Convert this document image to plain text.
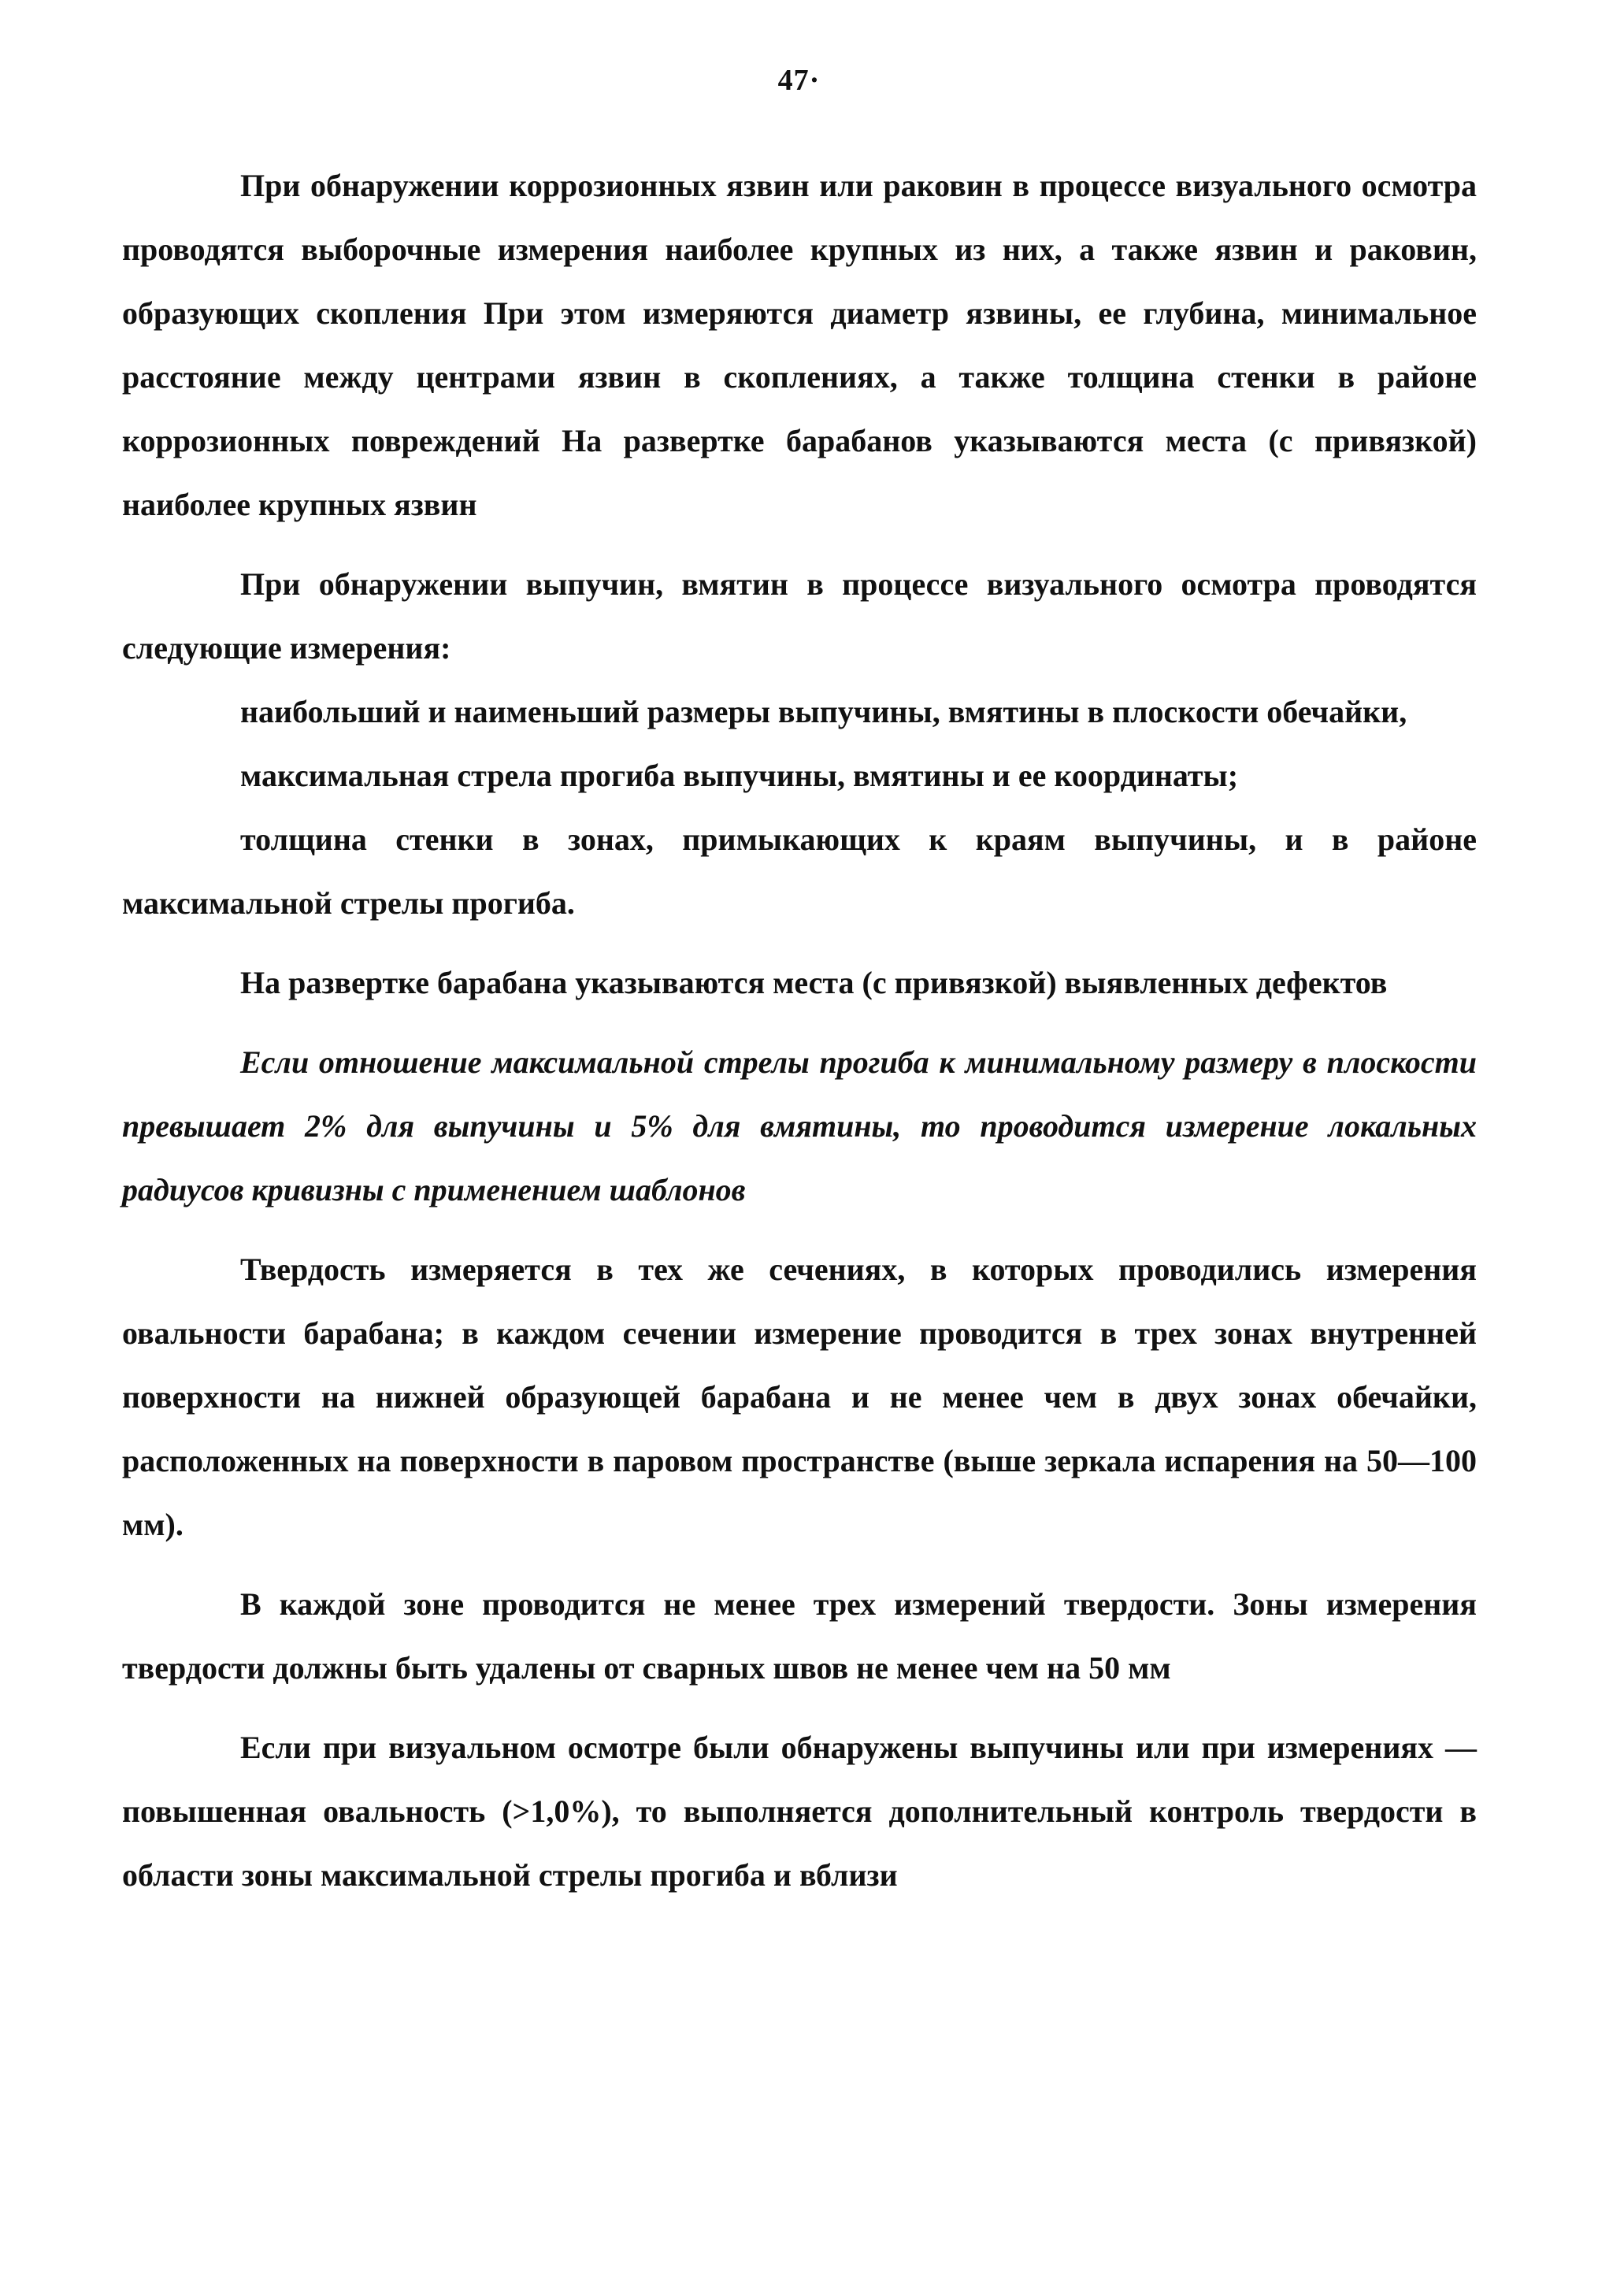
47·

При обнаружении коррозионных язвин или раковин в процессе визуального осмотра проводятся выборочные измерения наиболее крупных из них, а также язвин и раковин, образующих скопления При этом измеряются диаметр язвины, ее глубина, минимальное расстояние между центрами язвин в скоплениях, а также толщина стенки в районе коррозионных повреждений На развертке барабанов указываются места (с привязкой) наиболее крупных язвин

При обнаружении выпучин, вмятин в процессе визуального осмотра проводятся следующие измерения:

наибольший и наименьший размеры выпучины, вмятины в плоскости обечайки,

максимальная стрела прогиба выпучины, вмятины и ее координаты;

толщина стенки в зонах, примыкающих к краям выпучины, и в районе максимальной стрелы прогиба.

На развертке барабана указываются места (с привязкой) выявленных дефектов

Если отношение максимальной стрелы прогиба к минимальному размеру в плоскости превышает 2% для выпучины и 5% для вмятины, то проводится измерение локальных радиусов кривизны с применением шаблонов

Твердость измеряется в тех же сечениях, в которых проводились измерения овальности барабана; в каждом сечении измерение проводится в трех зонах внутренней поверхности на нижней образующей барабана и не менее чем в двух зонах обечайки, расположенных на поверхности в паровом пространстве (выше зеркала испарения на 50—100 мм).

В каждой зоне проводится не менее трех измерений твердости. Зоны измерения твердости должны быть удалены от сварных швов не менее чем на 50 мм

Если при визуальном осмотре были обнаружены выпучины или при измерениях — повышенная овальность (>1,0%), то выполняется дополнительный контроль твердости в области зоны максимальной стрелы прогиба и вблизи
